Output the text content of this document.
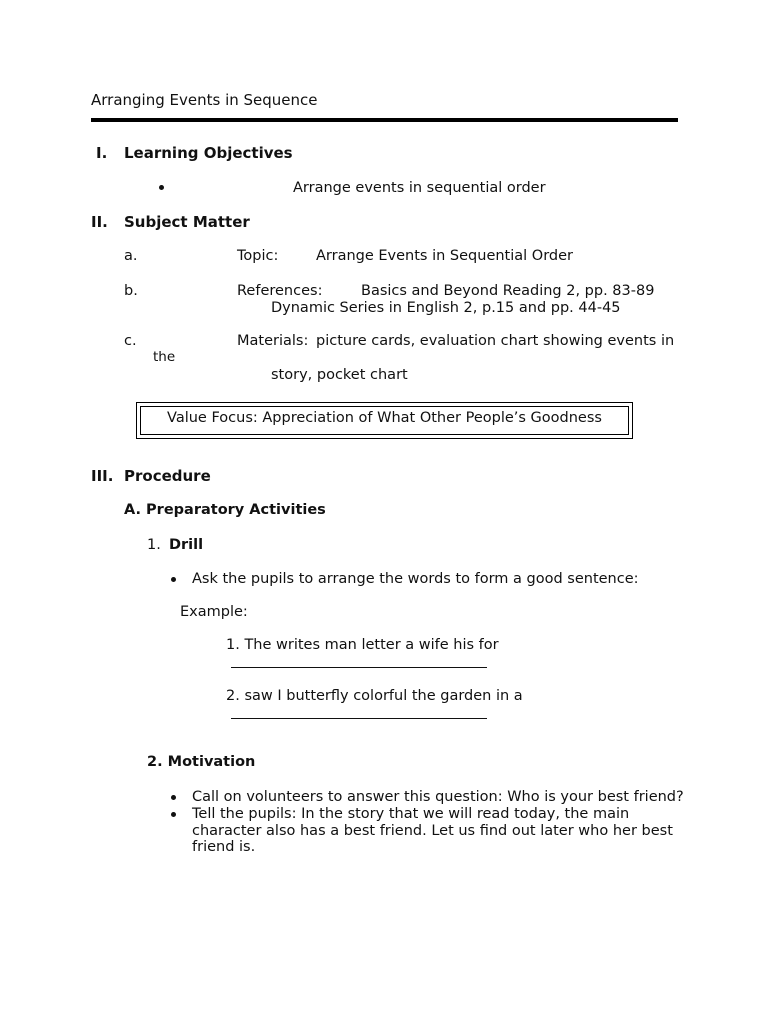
Arranging Events in Sequence
I. Learning Objectives
Arrange events in sequential order
II. Subject Matter
a.	Topic:	Arrange Events in Sequential Order
b.	References:	Basics and Beyond Reading 2, pp. 83-89
Dynamic Series in English 2, p.15 and pp. 44-45
c.	Materials: picture cards, evaluation chart showing events in
the
story, pocket chart
Value Focus: Appreciation of What Other People’s Goodness
III. Procedure
A. Preparatory Activities
1. Drill
Ask the pupils to arrange the words to form a good sentence:
Example:
1. The writes man letter a wife his for
2. saw I butterfly colorful the garden in a
2. Motivation
Call on volunteers to answer this question: Who is your best friend?
Tell the pupils: In the story that we will read today, the main
character also has a best friend. Let us find out later who her best
friend is.
